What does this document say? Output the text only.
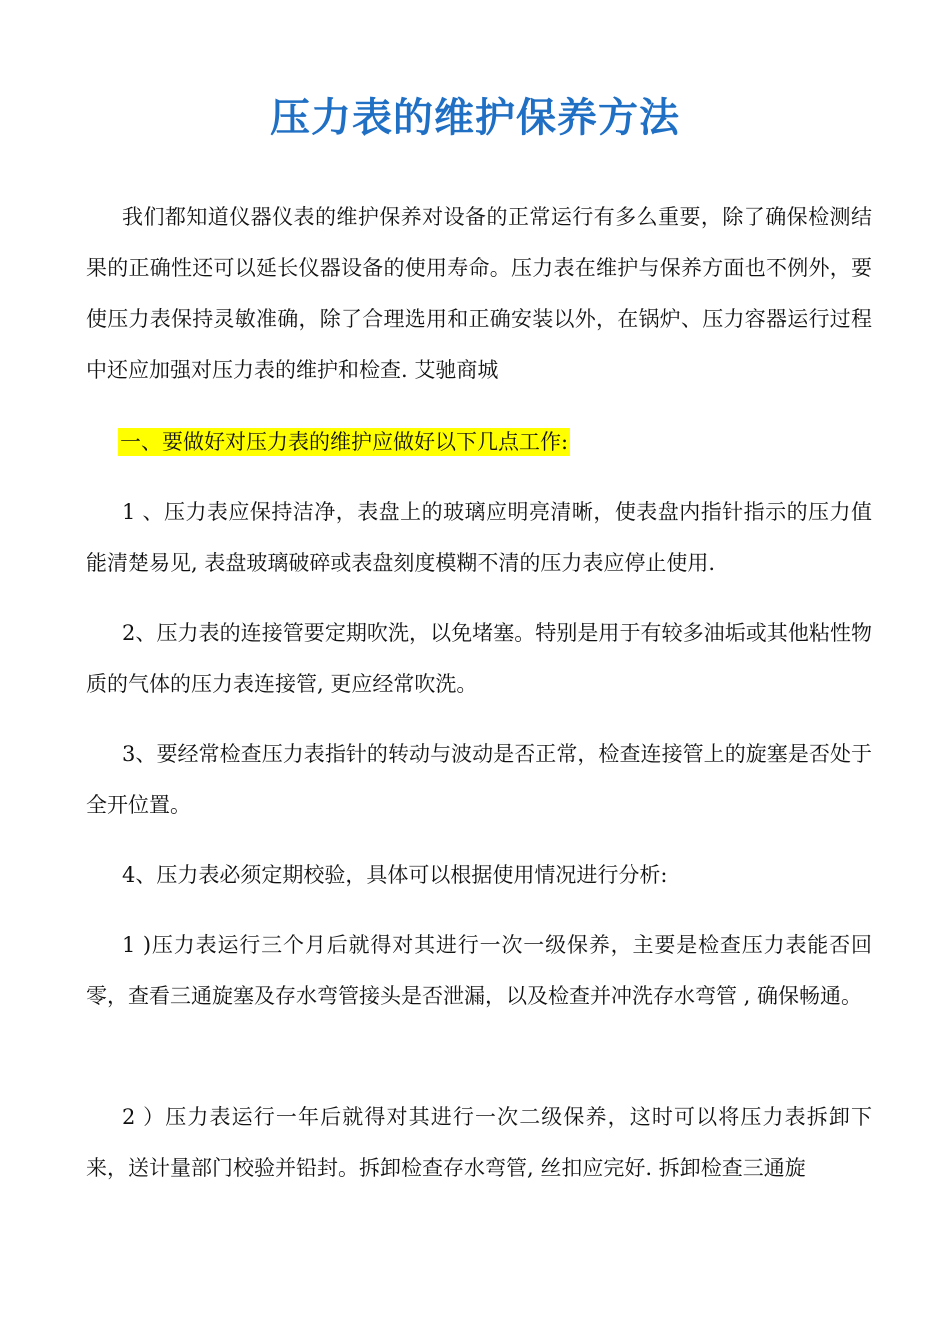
压力表的维护保养方法

我们都知道仪器仪表的维护保养对设备的正常运行有多么重要，除了确保检测结果的正确性还可以延长仪器设备的使用寿命。压力表在维护与保养方面也不例外，要使压力表保持灵敏准确，除了合理选用和正确安装以外，在锅炉、压力容器运行过程中还应加强对压力表的维护和检查. 艾驰商城

一、要做好对压力表的维护应做好以下几点工作:

1 、压力表应保持洁净，表盘上的玻璃应明亮清晰，使表盘内指针指示的压力值能清楚易见, 表盘玻璃破碎或表盘刻度模糊不清的压力表应停止使用.

2、压力表的连接管要定期吹洗，以免堵塞。特别是用于有较多油垢或其他粘性物质的气体的压力表连接管, 更应经常吹洗。

3、要经常检查压力表指针的转动与波动是否正常，检查连接管上的旋塞是否处于全开位置。

4、压力表必须定期校验，具体可以根据使用情况进行分析:

1 )压力表运行三个月后就得对其进行一次一级保养，主要是检查压力表能否回零，查看三通旋塞及存水弯管接头是否泄漏，以及检查并冲洗存水弯管 , 确保畅通。

2 ）压力表运行一年后就得对其进行一次二级保养，这时可以将压力表拆卸下来，送计量部门校验并铅封。拆卸检查存水弯管, 丝扣应完好. 拆卸检查三通旋
